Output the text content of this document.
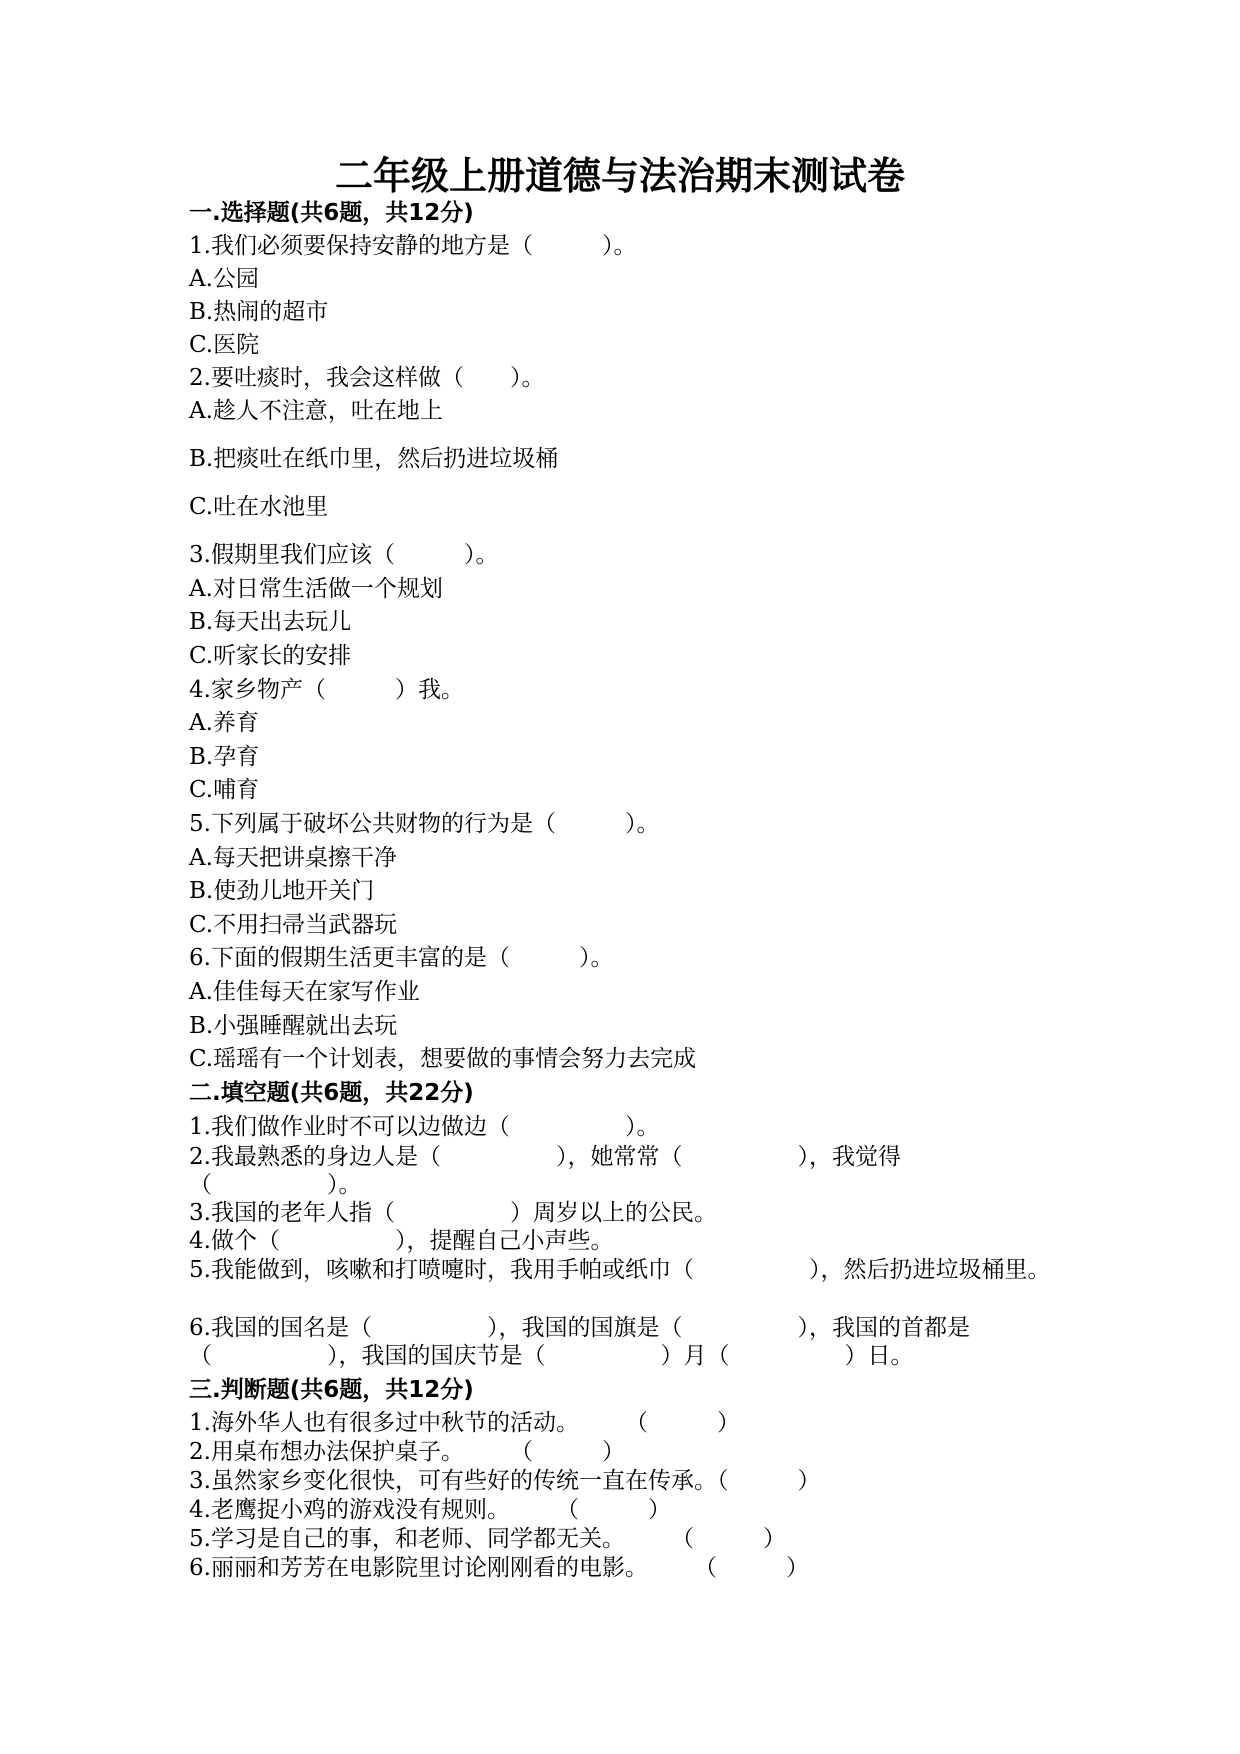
二年级上册道德与法治期末测试卷
一.选择题(共6题，共12分)
1.我们必须要保持安静的地方是（　　　）。
A.公园
B.热闹的超市
C.医院
2.要吐痰时，我会这样做（　　）。
A.趁人不注意，吐在地上
B.把痰吐在纸巾里，然后扔进垃圾桶
C.吐在水池里
3.假期里我们应该（　　　）。
A.对日常生活做一个规划
B.每天出去玩儿
C.听家长的安排
4.家乡物产（　　　）我。
A.养育
B.孕育
C.哺育
5.下列属于破坏公共财物的行为是（　　　）。
A.每天把讲桌擦干净
B.使劲儿地开关门
C.不用扫帚当武器玩
6.下面的假期生活更丰富的是（　　　）。
A.佳佳每天在家写作业
B.小强睡醒就出去玩
C.瑶瑶有一个计划表，想要做的事情会努力去完成
二.填空题(共6题，共22分)
1.我们做作业时不可以边做边（　　　　　）。
2.我最熟悉的身边人是（　　　　　），她常常（　　　　　），我觉得（　　　　　）。
3.我国的老年人指（　　　　　）周岁以上的公民。
4.做个（　　　　　），提醒自己小声些。
5.我能做到，咳嗽和打喷嚏时，我用手帕或纸巾（　　　　　），然后扔进垃圾桶里。
6.我国的国名是（　　　　　），我国的国旗是（　　　　　），我国的首都是（　　　　　），我国的国庆节是（　　　　　）月（　　　　　）日。
三.判断题(共6题，共12分)
1.海外华人也有很多过中秋节的活动。　　　（　　　）
2.用桌布想办法保护桌子。　　　（　　　）
3.虽然家乡变化很快，可有些好的传统一直在传承。（　　　）
4.老鹰捉小鸡的游戏没有规则。　　　（　　　）
5.学习是自己的事，和老师、同学都无关。　　　（　　　）
6.丽丽和芳芳在电影院里讨论刚刚看的电影。　　　（　　　）
